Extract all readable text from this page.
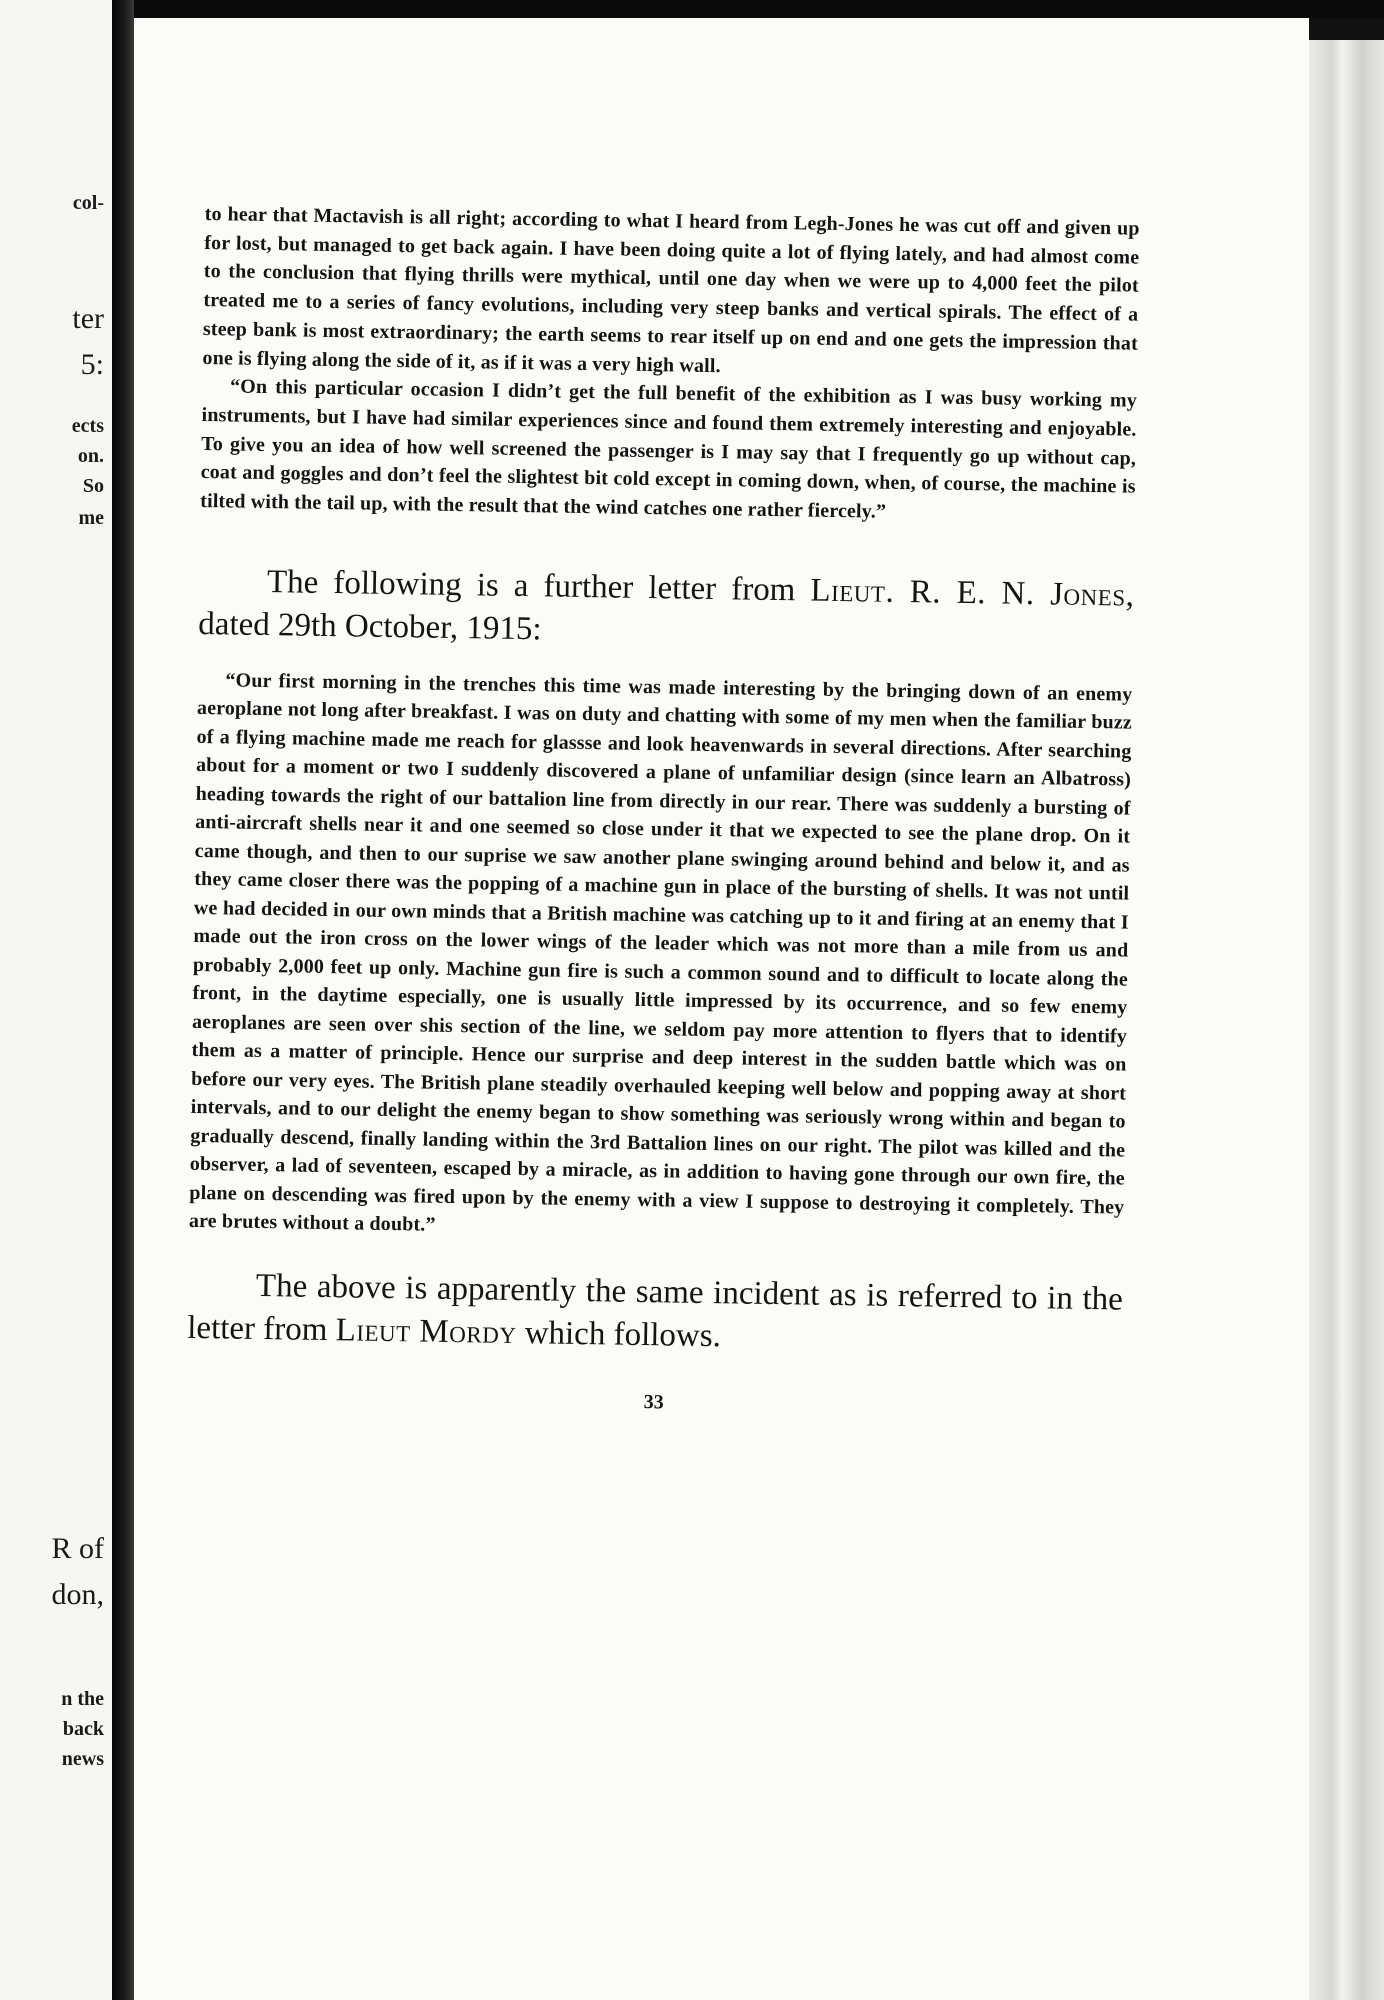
col-

ter

5:

ects

on.

So

me

R of

don,

n the

back

news

to hear that Mactavish is all right; according to what I heard from Legh-Jones he was cut off and given up for lost, but managed to get back again. I have been doing quite a lot of flying lately, and had almost come to the conclusion that flying thrills were mythical, until one day when we were up to 4,000 feet the pilot treated me to a series of fancy evolutions, including very steep banks and vertical spirals. The effect of a steep bank is most extraordinary; the earth seems to rear itself up on end and one gets the impression that one is flying along the side of it, as if it was a very high wall.

“On this particular occasion I didn’t get the full benefit of the exhibition as I was busy working my instruments, but I have had similar experiences since and found them extremely interesting and enjoyable. To give you an idea of how well screened the passenger is I may say that I frequently go up without cap, coat and goggles and don’t feel the slightest bit cold except in coming down, when, of course, the machine is tilted with the tail up, with the result that the wind catches one rather fiercely.”

The following is a further letter from Lieut. R. E. N. Jones, dated 29th October, 1915:

“Our first morning in the trenches this time was made interesting by the bringing down of an enemy aeroplane not long after breakfast. I was on duty and chatting with some of my men when the familiar buzz of a flying machine made me reach for glassse and look heavenwards in several directions. After searching about for a moment or two I suddenly discovered a plane of unfamiliar design (since learn an Albatross) heading towards the right of our battalion line from directly in our rear. There was suddenly a bursting of anti-aircraft shells near it and one seemed so close under it that we expected to see the plane drop. On it came though, and then to our suprise we saw another plane swinging around behind and below it, and as they came closer there was the popping of a machine gun in place of the bursting of shells. It was not until we had decided in our own minds that a British machine was catching up to it and firing at an enemy that I made out the iron cross on the lower wings of the leader which was not more than a mile from us and probably 2,000 feet up only. Machine gun fire is such a common sound and to difficult to locate along the front, in the daytime especially, one is usually little impressed by its occurrence, and so few enemy aeroplanes are seen over shis section of the line, we seldom pay more attention to flyers that to identify them as a matter of principle. Hence our surprise and deep interest in the sudden battle which was on before our very eyes. The British plane steadily overhauled keeping well below and popping away at short intervals, and to our delight the enemy began to show something was seriously wrong within and began to gradually descend, finally landing within the 3rd Battalion lines on our right. The pilot was killed and the observer, a lad of seventeen, escaped by a miracle, as in addition to having gone through our own fire, the plane on descending was fired upon by the enemy with a view I suppose to destroying it completely. They are brutes without a doubt.”

The above is apparently the same incident as is referred to in the letter from Lieut Mordy which follows.

33
